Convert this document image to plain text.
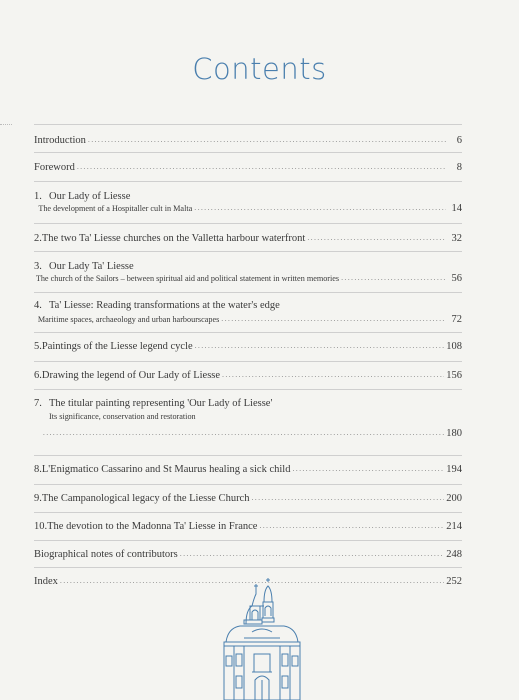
Contents
Introduction .....	6
Foreword .....	8
1. Our Lady of Liesse
The development of a Hospitaller cult in Malta .....	14
2. The two Ta' Liesse churches on the Valletta harbour waterfront .....	32
3. Our Lady Ta' Liesse
The church of the Sailors – between spiritual aid and political statement in written memories .....	56
4. Ta' Liesse: Reading transformations at the water's edge
Maritime spaces, archaeology and urban harbourscapes .....	72
5. Paintings of the Liesse legend cycle .....	108
6. Drawing the legend of Our Lady of Liesse .....	156
7. The titular painting representing 'Our Lady of Liesse'
Its significance, conservation and restoration
.....
180
8. L'Enigmatico Cassarino and St Maurus healing a sick child .....	194
9. The Campanological legacy of the Liesse Church .....	200
10. The devotion to the Madonna Ta' Liesse in France .....	214
Biographical notes of contributors .....	248
Index .....	252
